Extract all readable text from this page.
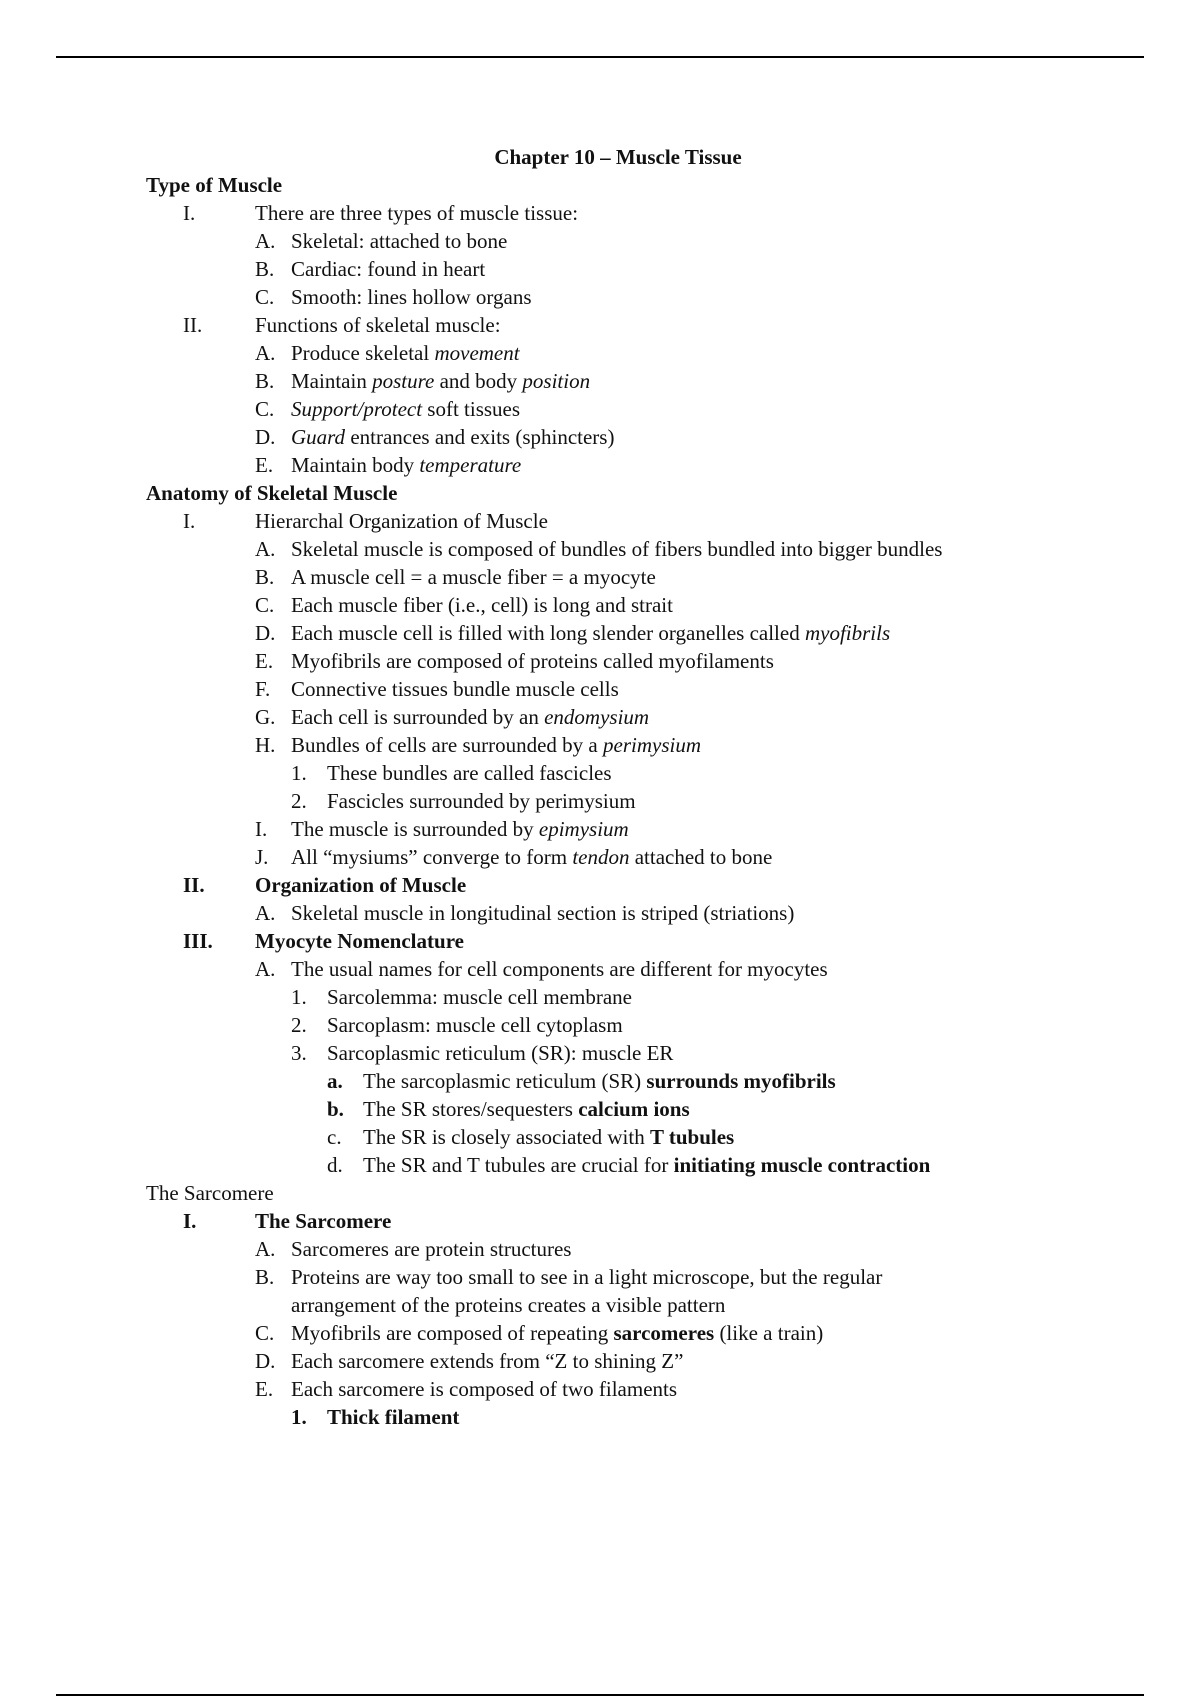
Chapter 10 – Muscle Tissue
Type of Muscle
I.	There are three types of muscle tissue:
A. Skeletal: attached to bone
B. Cardiac: found in heart
C. Smooth: lines hollow organs
II.	Functions of skeletal muscle:
A. Produce skeletal movement
B. Maintain posture and body position
C. Support/protect soft tissues
D. Guard entrances and exits (sphincters)
E. Maintain body temperature
Anatomy of Skeletal Muscle
I.	Hierarchal Organization of Muscle
A. Skeletal muscle is composed of bundles of fibers bundled into bigger bundles
B. A muscle cell = a muscle fiber = a myocyte
C. Each muscle fiber (i.e., cell) is long and strait
D. Each muscle cell is filled with long slender organelles called myofibrils
E. Myofibrils are composed of proteins called myofilaments
F. Connective tissues bundle muscle cells
G. Each cell is surrounded by an endomysium
H. Bundles of cells are surrounded by a perimysium
1. These bundles are called fascicles
2. Fascicles surrounded by perimysium
I. The muscle is surrounded by epimysium
J. All “mysiums” converge to form tendon attached to bone
II. Organization of Muscle
A. Skeletal muscle in longitudinal section is striped (striations)
III. Myocyte Nomenclature
A. The usual names for cell components are different for myocytes
1. Sarcolemma: muscle cell membrane
2. Sarcoplasm: muscle cell cytoplasm
3. Sarcoplasmic reticulum (SR): muscle ER
a. The sarcoplasmic reticulum (SR) surrounds myofibrils
b. The SR stores/sequesters calcium ions
c. The SR is closely associated with T tubules
d. The SR and T tubules are crucial for initiating muscle contraction
The Sarcomere
I.	The Sarcomere
A. Sarcomeres are protein structures
B. Proteins are way too small to see in a light microscope, but the regular
arrangement of the proteins creates a visible pattern
C. Myofibrils are composed of repeating sarcomeres (like a train)
D. Each sarcomere extends from “Z to shining Z”
E. Each sarcomere is composed of two filaments
1. Thick filament
